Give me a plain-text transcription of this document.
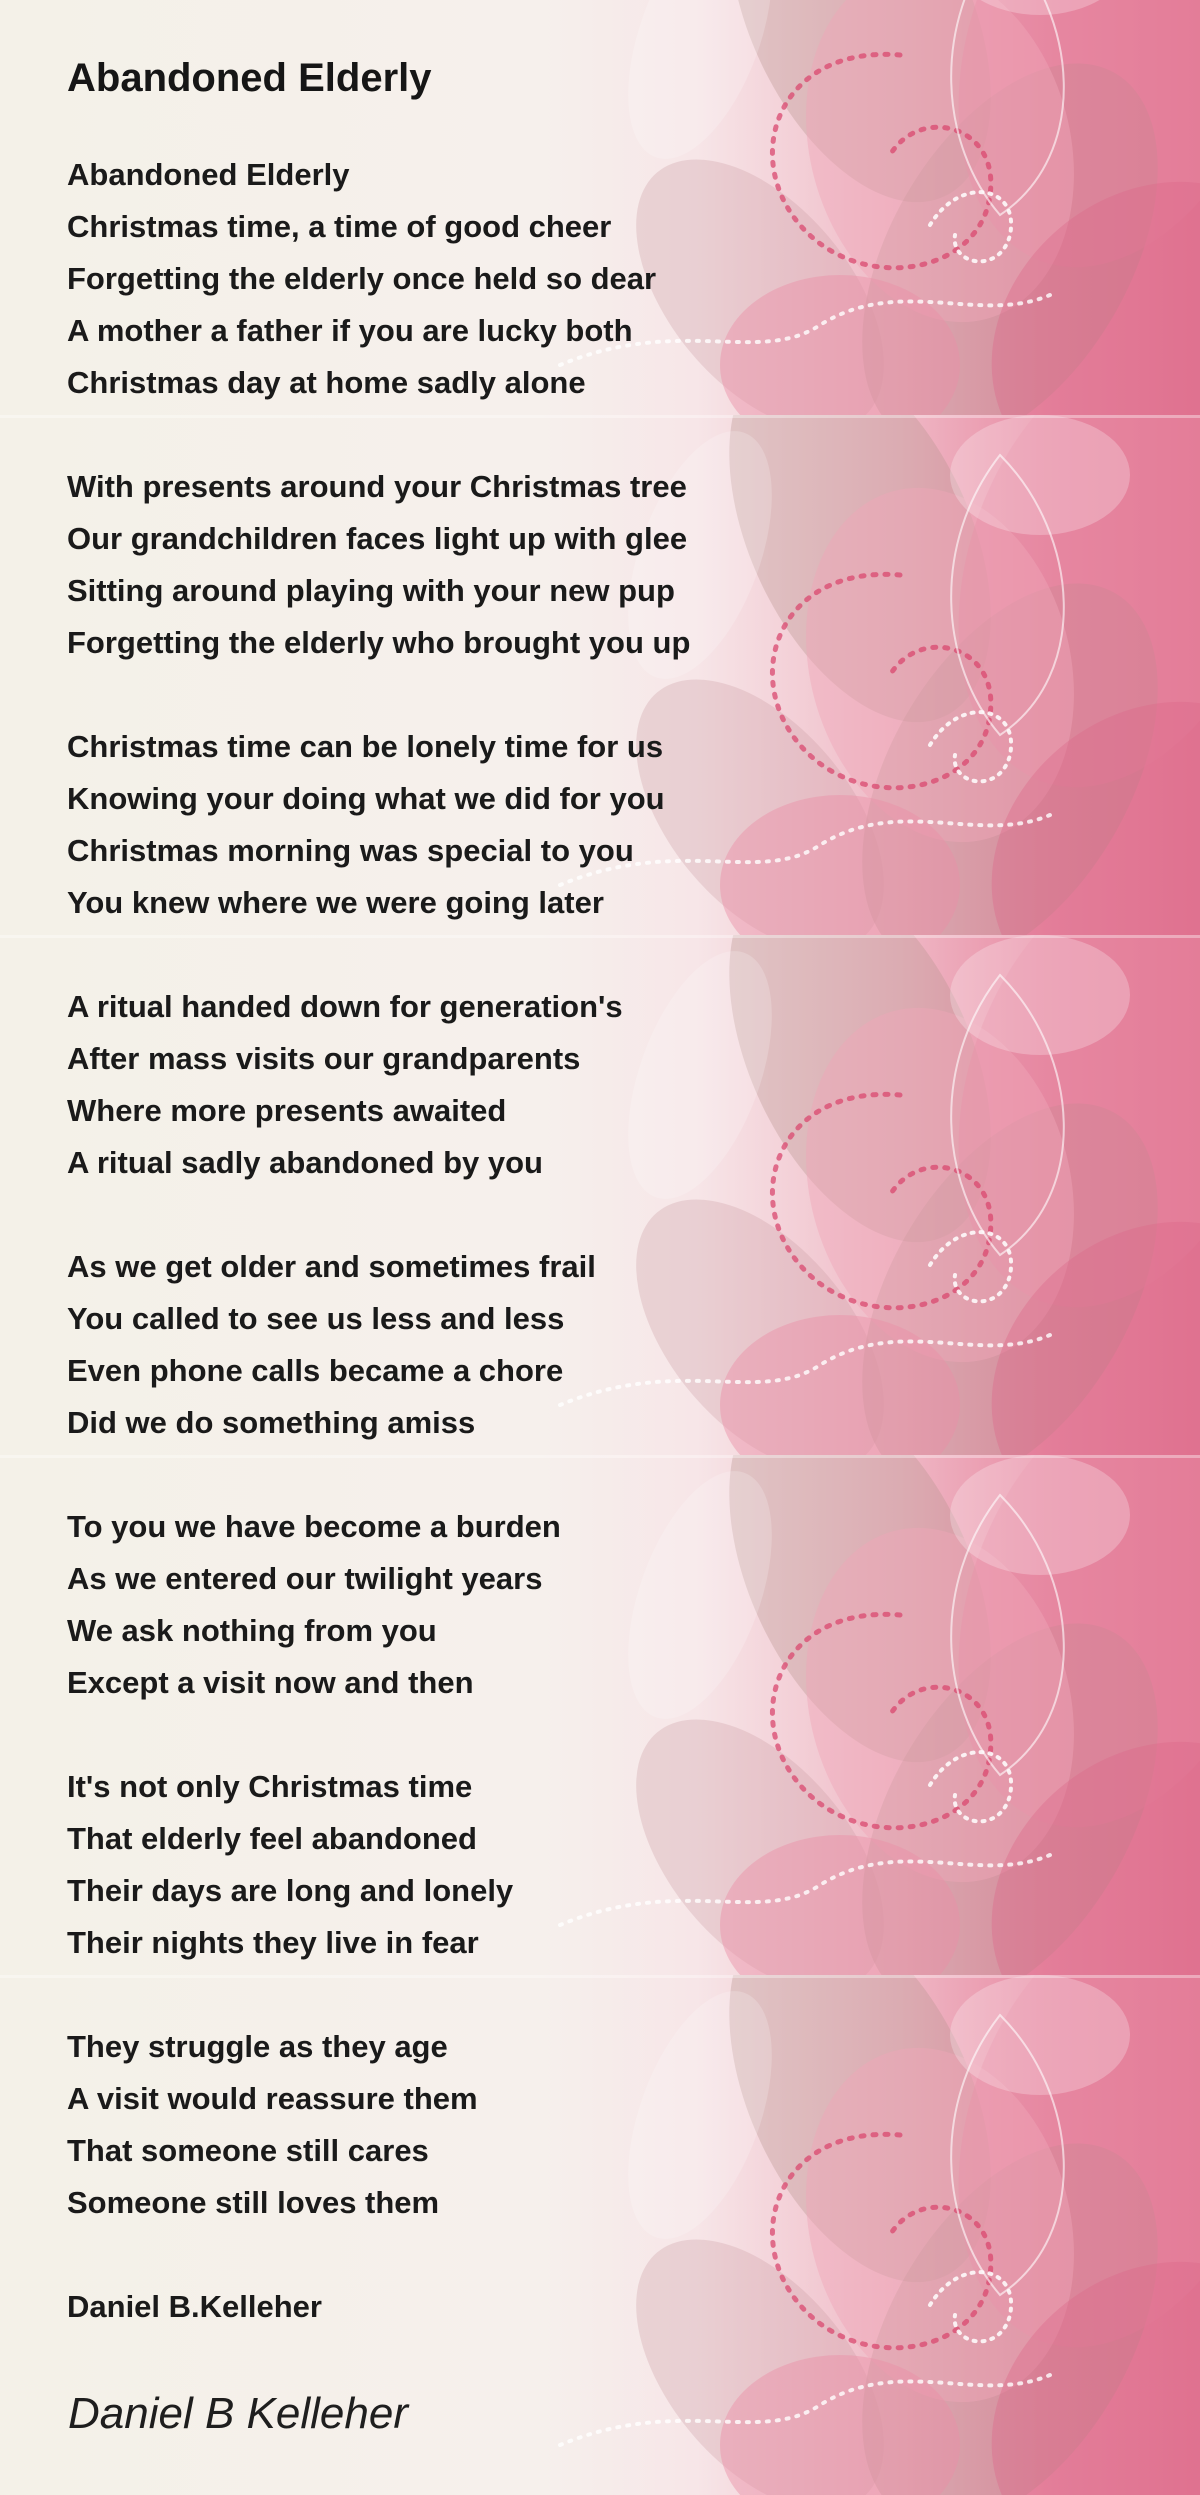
Abandoned Elderly
Abandoned Elderly
Christmas time, a time of good cheer
Forgetting the elderly once held so dear
A mother a father if you are lucky both
Christmas day at home sadly alone
With presents around your Christmas tree
Our grandchildren faces light up with glee
Sitting around playing with your new pup
Forgetting the elderly who brought you up
Christmas time can be lonely time for us
Knowing your doing what we did for you
Christmas morning was special to you
You knew where we were going later
A ritual handed down for generation's
After mass visits our grandparents
Where more presents awaited
A ritual sadly abandoned by you
As we get older and sometimes frail
You called to see us less and less
Even phone calls became a chore
Did we do something amiss
To you we have become a burden
As we entered our twilight years
We ask nothing from you
Except a visit now and then
It's not only Christmas time
That elderly feel abandoned
Their days are long and lonely
Their nights they live in fear
They struggle as they age
A visit would reassure them
That someone still cares
Someone still loves them
Daniel B.Kelleher
Daniel B Kelleher
